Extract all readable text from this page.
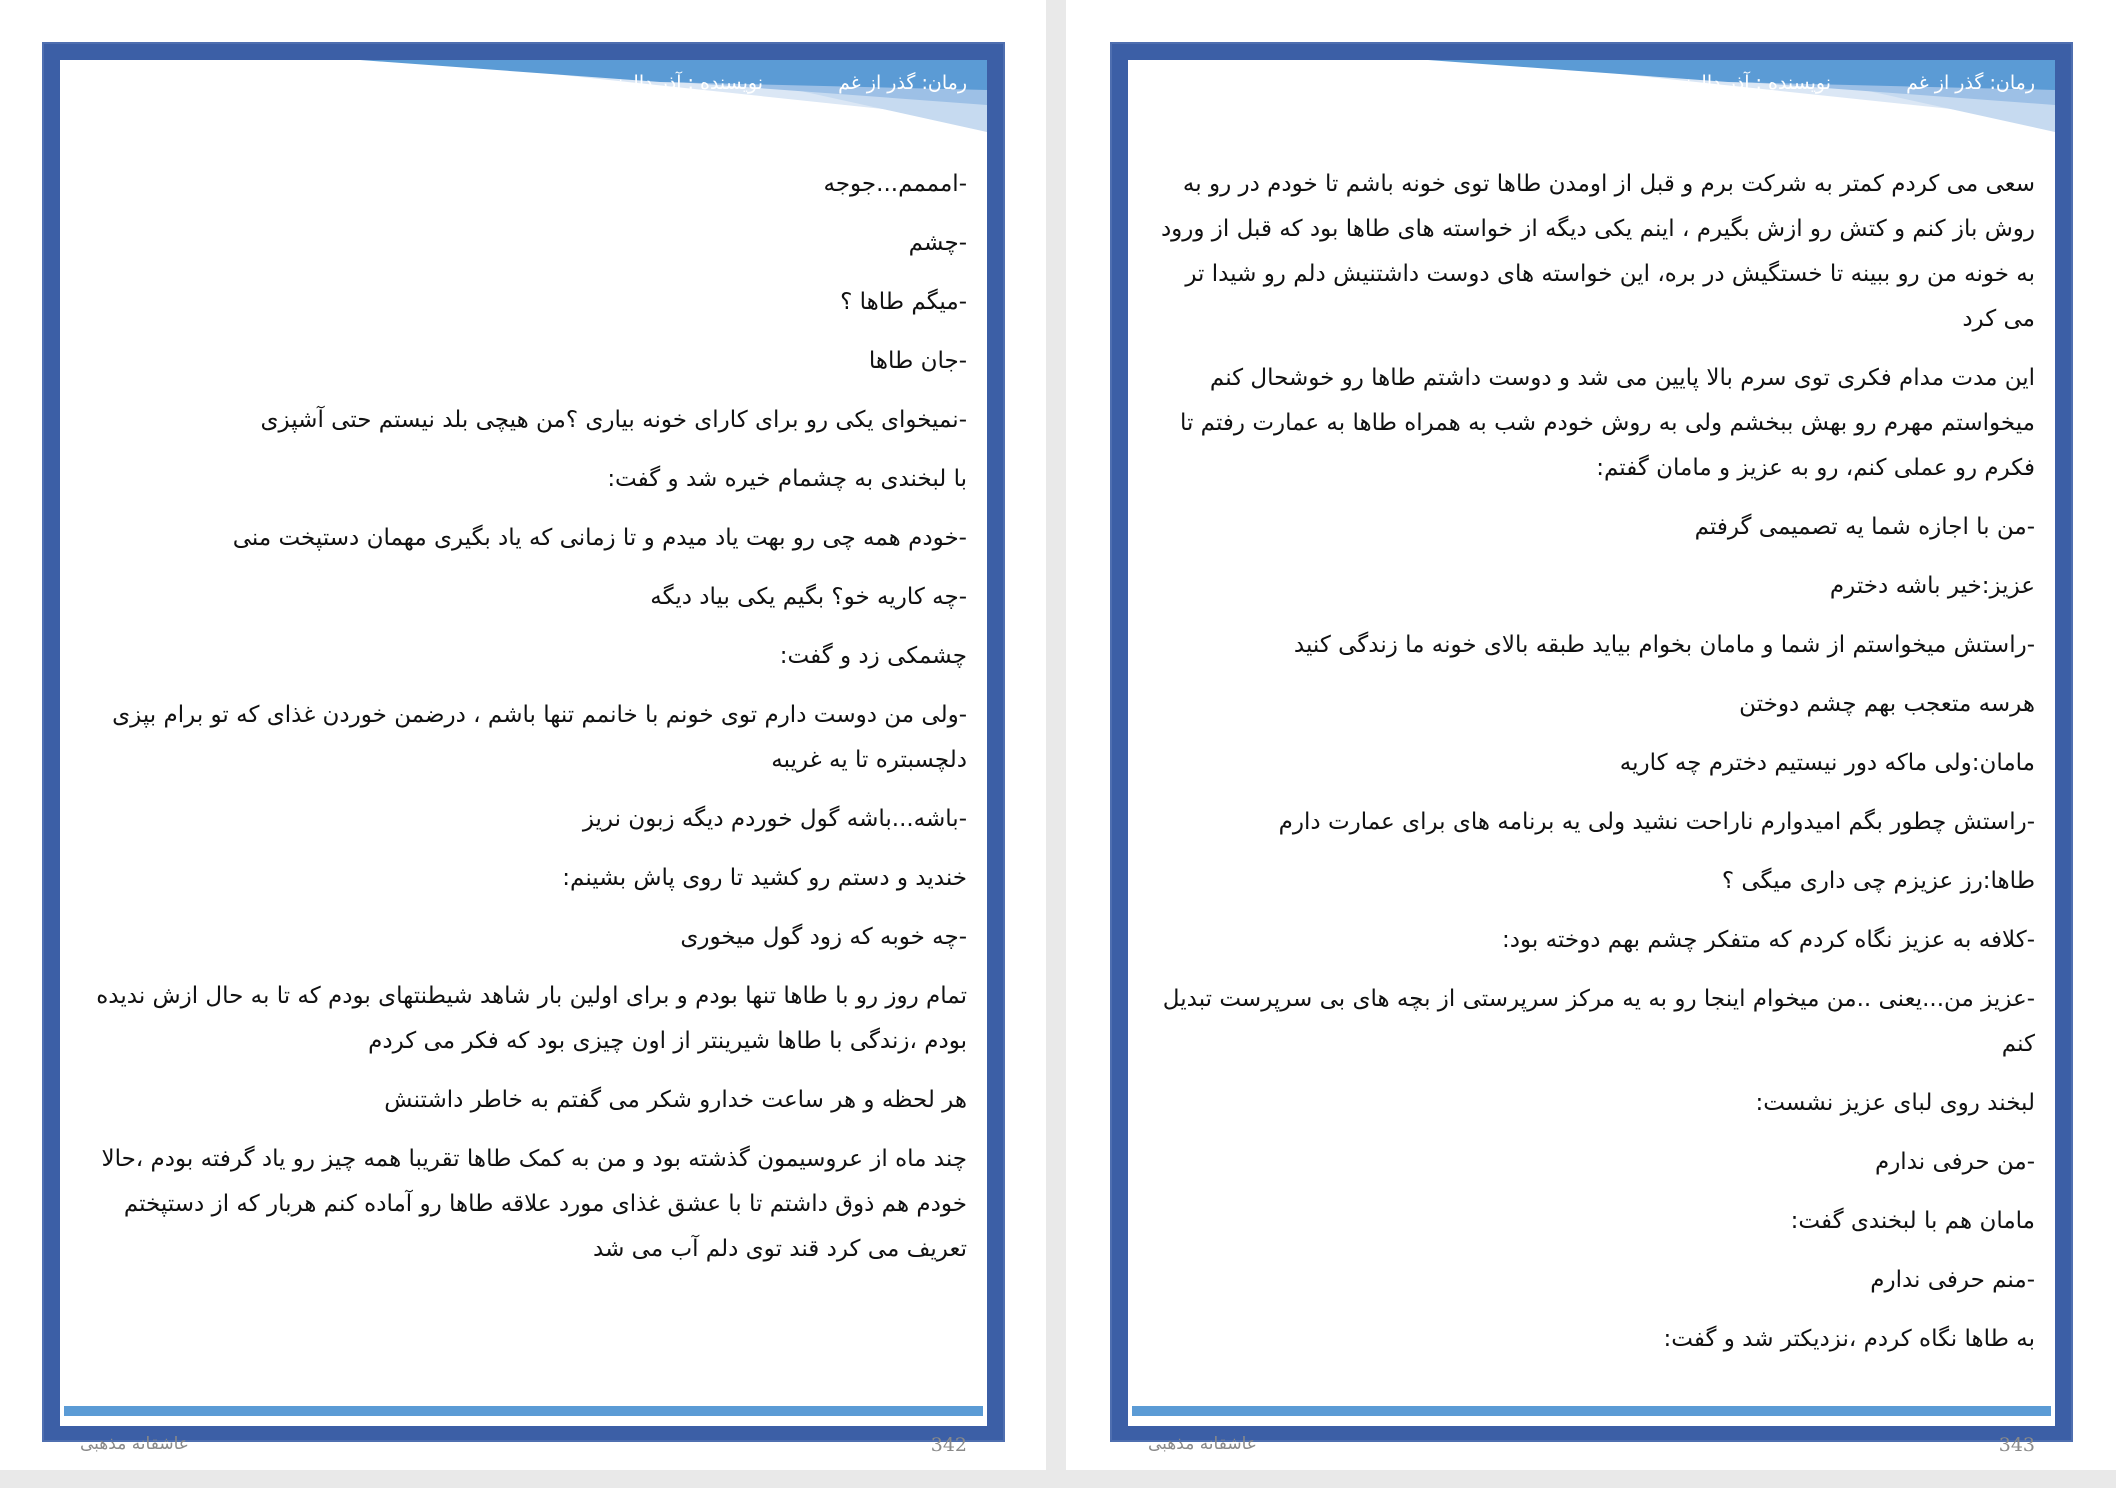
رمان: گذر از غم
نویسنده : آذر دالوند

-امممم...جوجه

-چشم

-میگم طاها ؟

-جان طاها

-نمیخوای یکی رو برای کارای خونه بیاری ؟من هیچی بلد نیستم حتی آشپزی

با لبخندی به چشمام خیره شد و گفت:

-خودم همه چی رو بهت یاد میدم و تا زمانی که یاد بگیری مهمان دستپخت منی

-چه کاریه خو؟ بگیم یکی بیاد دیگه

چشمکی زد و گفت:

-ولی من دوست دارم توی خونم با خانمم تنها باشم ، درضمن خوردن غذای که تو برام بپزی دلچسبتره تا یه غریبه

-باشه...باشه گول خوردم دیگه زبون نریز

خندید و دستم رو کشید تا روی پاش بشینم:

-چه خوبه که زود گول میخوری

تمام روز رو با طاها تنها بودم و برای اولین بار شاهد شیطنتهای بودم که تا به حال ازش ندیده بودم ،زندگی با طاها شیرینتر از اون چیزی بود که فکر می کردم

هر لحظه و هر ساعت خدارو شکر می گفتم به خاطر داشتنش

چند ماه از عروسیمون گذشته بود و من به کمک طاها تقریبا همه چیز رو یاد گرفته بودم ،حالا خودم هم ذوق داشتم تا با عشق غذای مورد علاقه طاها رو آماده کنم هربار که از دستپختم تعریف می کرد قند توی دلم آب می شد

342
عاشقانه مذهبی
رمان: گذر از غم
نویسنده : آذر دالوند

سعی می کردم کمتر به شرکت برم و قبل از اومدن طاها توی خونه باشم تا خودم در رو به روش باز کنم و کتش رو ازش بگیرم ، اینم یکی دیگه از خواسته های طاها بود که قبل از ورود به خونه من رو ببینه تا خستگیش در بره، این خواسته های دوست داشتنیش دلم رو شیدا تر می کرد

این مدت مدام فکری توی سرم بالا پایین می شد و دوست داشتم طاها رو خوشحال کنم میخواستم مهرم رو بهش ببخشم ولی به روش خودم شب به همراه طاها به عمارت رفتم تا فکرم رو عملی کنم، رو به عزیز و مامان گفتم:

-من با اجازه شما یه تصمیمی گرفتم

عزیز:خیر باشه دخترم

-راستش میخواستم از شما و مامان بخوام بیاید طبقه بالای خونه ما زندگی کنید

هرسه متعجب بهم چشم دوختن

مامان:ولی ماکه دور نیستیم دخترم چه کاریه

-راستش چطور بگم امیدوارم ناراحت نشید ولی یه برنامه های برای عمارت دارم

طاها:رز عزیزم چی داری میگی ؟

-کلافه به عزیز نگاه کردم که متفکر چشم بهم دوخته بود:

-عزیز من...یعنی ..من میخوام اینجا رو به یه مرکز سرپرستی از بچه های بی سرپرست تبدیل کنم

لبخند روی لبای عزیز نشست:

-من حرفی ندارم

مامان هم با لبخندی گفت:

-منم حرفی ندارم

به طاها نگاه کردم ،نزدیکتر شد و گفت:

343
عاشقانه مذهبی
